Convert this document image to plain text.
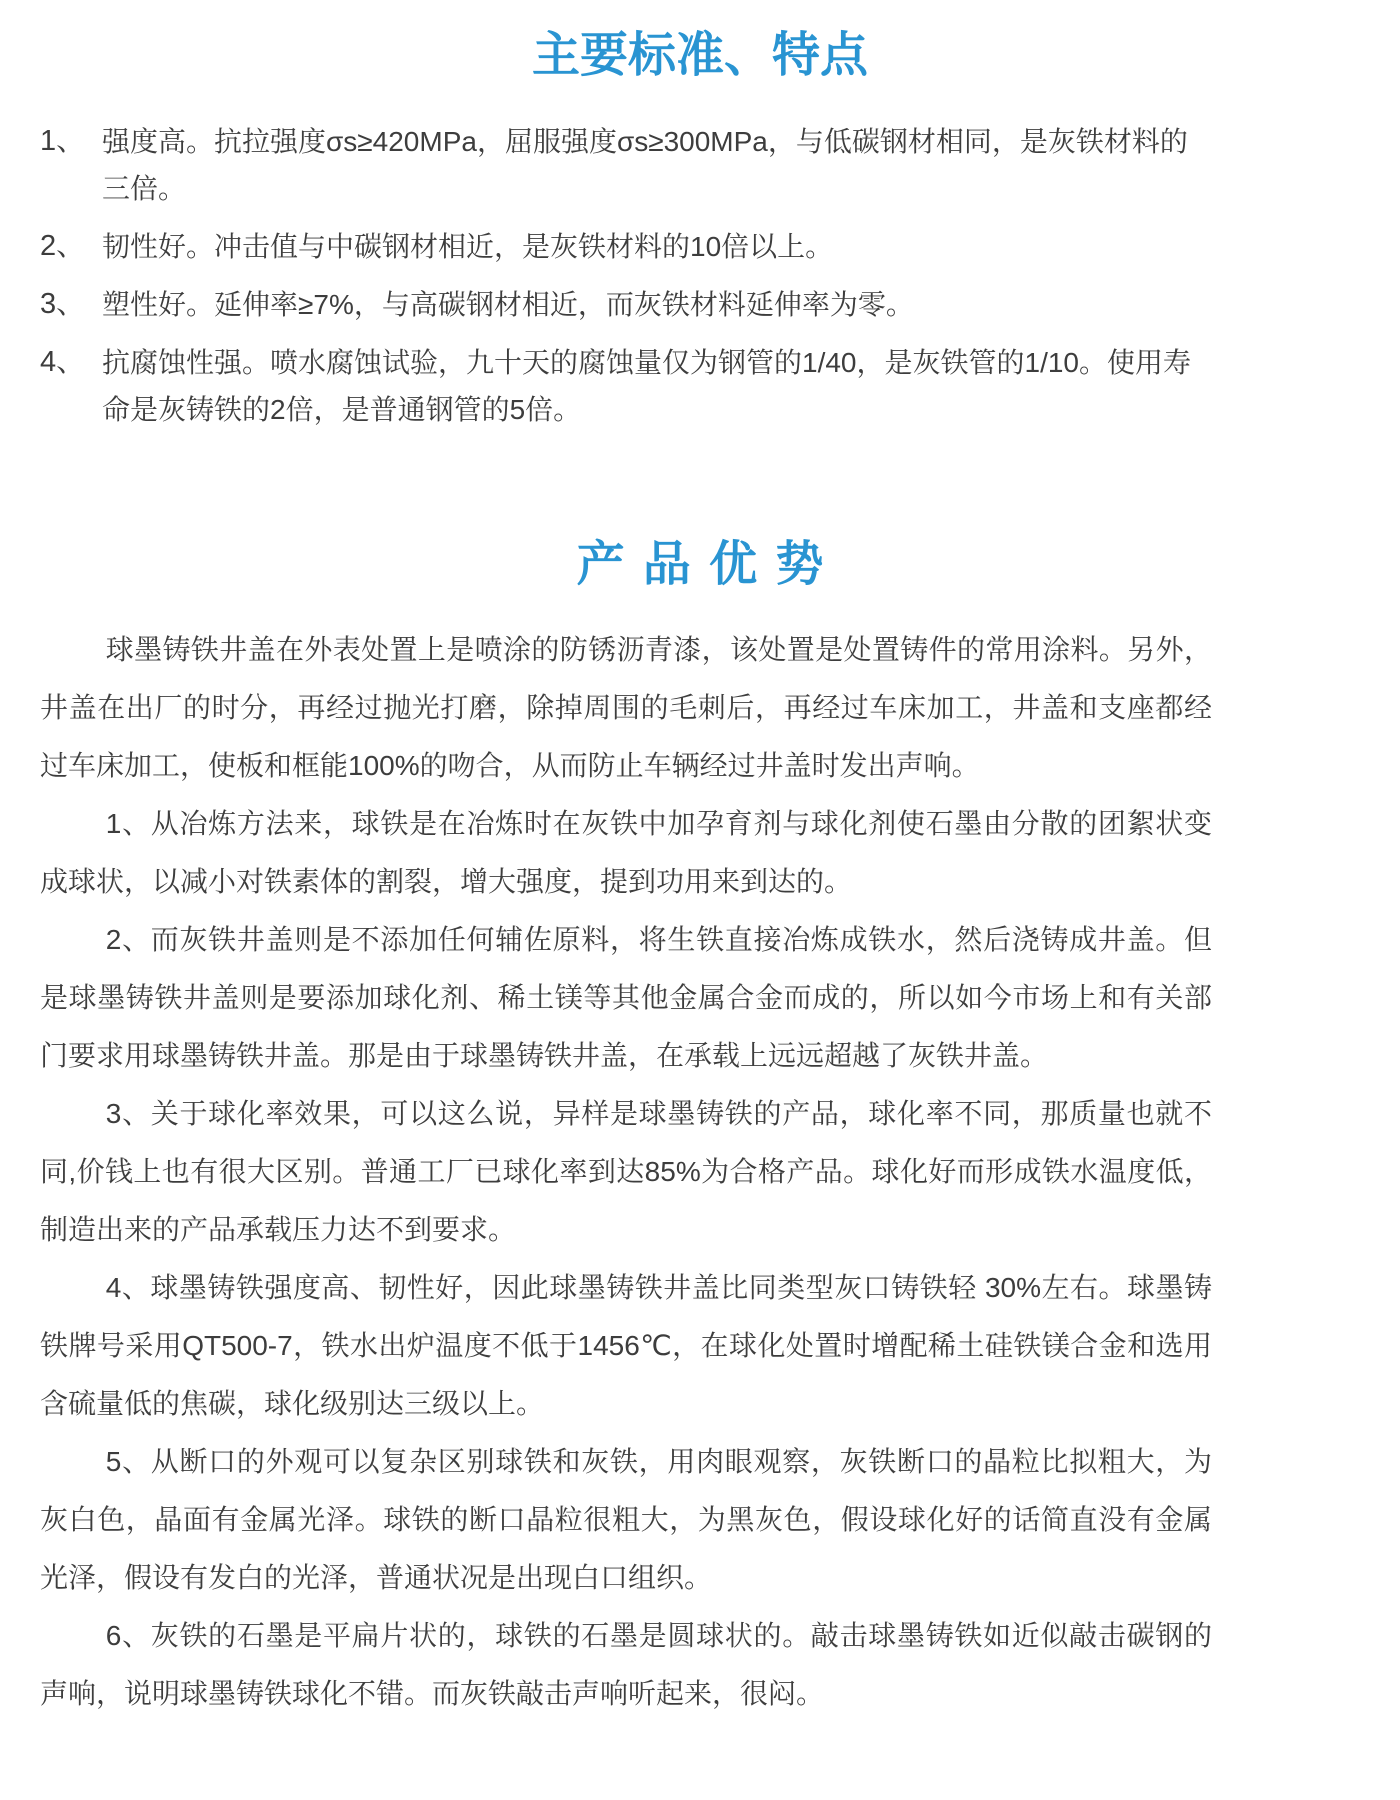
主要标准、特点
1、 强度高。抗拉强度σs≥420MPa，屈服强度σs≥300MPa，与低碳钢材相同，是灰铁材料的三倍。
2、 韧性好。冲击值与中碳钢材相近，是灰铁材料的10倍以上。
3、 塑性好。延伸率≥7%，与高碳钢材相近，而灰铁材料延伸率为零。
4、 抗腐蚀性强。喷水腐蚀试验，九十天的腐蚀量仅为钢管的1/40，是灰铁管的1/10。使用寿命是灰铸铁的2倍，是普通钢管的5倍。
产品优势

球墨铸铁井盖在外表处置上是喷涂的防锈沥青漆，该处置是处置铸件的常用涂料。另外，井盖在出厂的时分，再经过抛光打磨，除掉周围的毛刺后，再经过车床加工，井盖和支座都经过车床加工，使板和框能100%的吻合，从而防止车辆经过井盖时发出声响。

1、从冶炼方法来，球铁是在冶炼时在灰铁中加孕育剂与球化剂使石墨由分散的团絮状变成球状，以减小对铁素体的割裂，增大强度，提到功用来到达的。

2、而灰铁井盖则是不添加任何辅佐原料，将生铁直接冶炼成铁水，然后浇铸成井盖。但是球墨铸铁井盖则是要添加球化剂、稀土镁等其他金属合金而成的，所以如今市场上和有关部门要求用球墨铸铁井盖。那是由于球墨铸铁井盖，在承载上远远超越了灰铁井盖。

3、关于球化率效果，可以这么说，异样是球墨铸铁的产品，球化率不同，那质量也就不同,价钱上也有很大区别。普通工厂已球化率到达85%为合格产品。球化好而形成铁水温度低，制造出来的产品承载压力达不到要求。

4、球墨铸铁强度高、韧性好，因此球墨铸铁井盖比同类型灰口铸铁轻 30%左右。球墨铸铁牌号采用QT500-7，铁水出炉温度不低于1456℃，在球化处置时增配稀土硅铁镁合金和选用含硫量低的焦碳，球化级别达三级以上。

5、从断口的外观可以复杂区别球铁和灰铁，用肉眼观察，灰铁断口的晶粒比拟粗大，为灰白色，晶面有金属光泽。球铁的断口晶粒很粗大，为黑灰色，假设球化好的话简直没有金属光泽，假设有发白的光泽，普通状况是出现白口组织。

6、灰铁的石墨是平扁片状的，球铁的石墨是圆球状的。敲击球墨铸铁如近似敲击碳钢的声响，说明球墨铸铁球化不错。而灰铁敲击声响听起来，很闷。
